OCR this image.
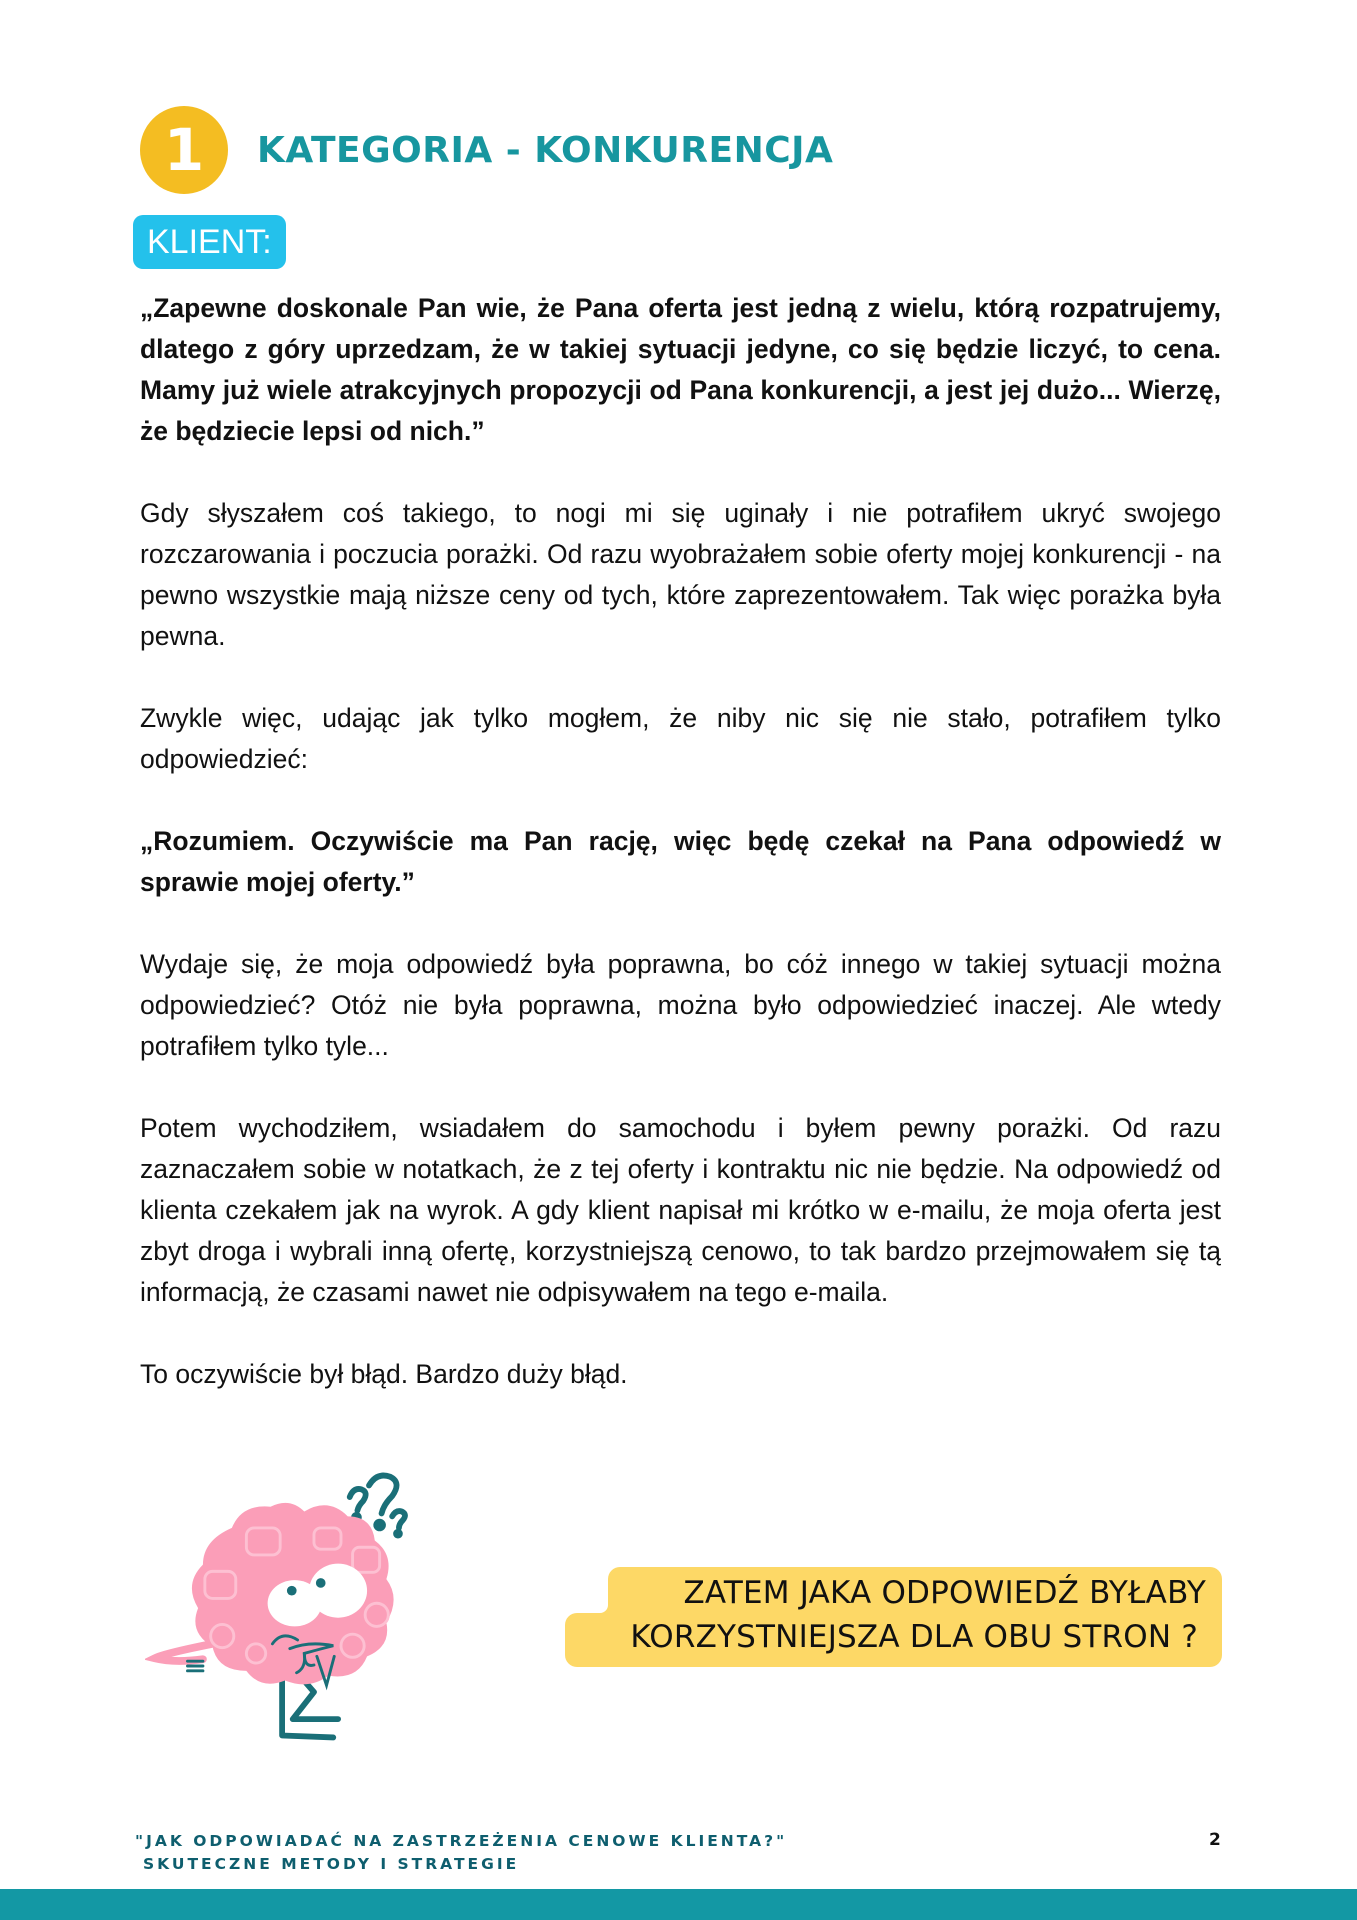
1	KATEGORIA - KONKURENCJA
KLIENT:

„Zapewne doskonale Pan wie, że Pana oferta jest jedną z wielu, którą rozpatrujemy, dlatego z góry uprzedzam, że w takiej sytuacji jedyne, co się będzie liczyć, to cena. Mamy już wiele atrakcyjnych propozycji od Pana konkurencji, a jest jej dużo... Wierzę, że będziecie lepsi od nich.”

Gdy słyszałem coś takiego, to nogi mi się uginały i nie potrafiłem ukryć swojego rozczarowania i poczucia porażki. Od razu wyobrażałem sobie oferty mojej konkurencji - na pewno wszystkie mają niższe ceny od tych, które zaprezentowałem. Tak więc porażka była pewna.

Zwykle więc, udając jak tylko mogłem, że niby nic się nie stało, potrafiłem tylko odpowiedzieć:

„Rozumiem. Oczywiście ma Pan rację, więc będę czekał na Pana odpowiedź w sprawie mojej oferty.”

Wydaje się, że moja odpowiedź była poprawna, bo cóż innego w takiej sytuacji można odpowiedzieć? Otóż nie była poprawna, można było odpowiedzieć inaczej. Ale wtedy potrafiłem tylko tyle...

Potem wychodziłem, wsiadałem do samochodu i byłem pewny porażki. Od razu zaznaczałem sobie w notatkach, że z tej oferty i kontraktu nic nie będzie. Na odpowiedź od klienta czekałem jak na wyrok. A gdy klient napisał mi krótko w e-mailu, że moja oferta jest zbyt droga i wybrali inną ofertę, korzystniejszą cenowo, to tak bardzo przejmowałem się tą informacją, że czasami nawet nie odpisywałem na tego e-maila.

To oczywiście był błąd. Bardzo duży błąd.

ZATEM JAKA ODPOWIEDŹ BYŁABY
KORZYSTNIEJSZA DLA OBU STRON ?
"JAK ODPOWIADAĆ NA ZASTRZEŻENIA CENOWE KLIENTA?"
SKUTECZNE METODY I STRATEGIE
2
